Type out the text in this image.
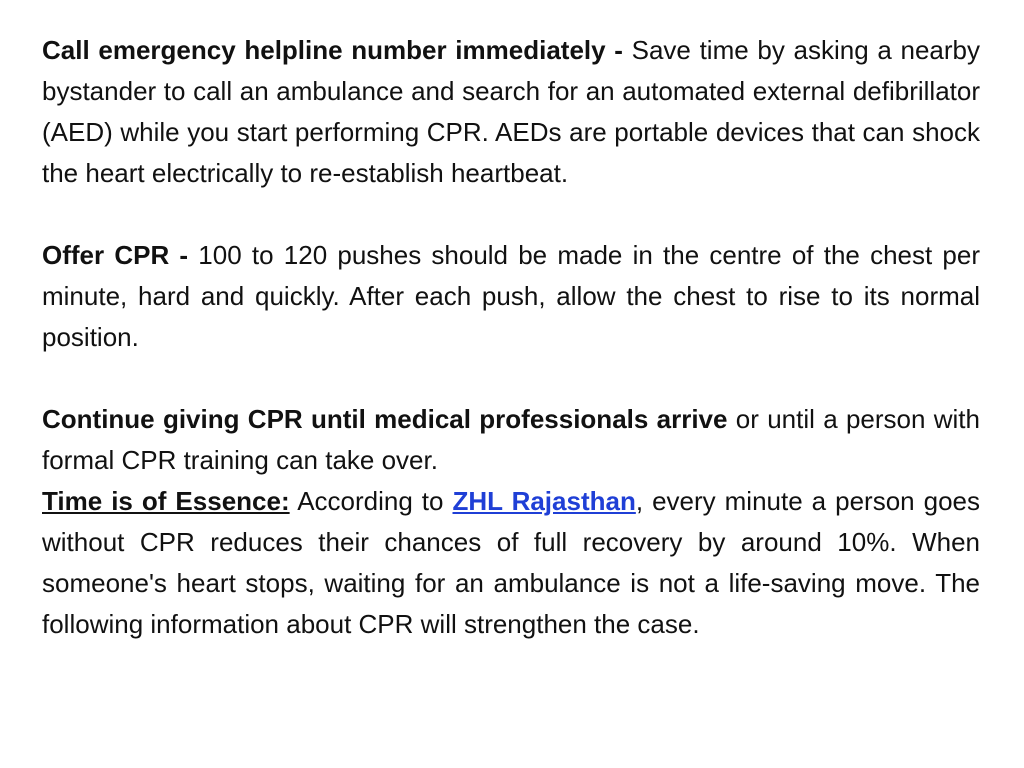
Call emergency helpline number immediately - Save time by asking a nearby bystander to call an ambulance and search for an automated external defibrillator (AED) while you start performing CPR. AEDs are portable devices that can shock the heart electrically to re-establish heartbeat.

Offer CPR - 100 to 120 pushes should be made in the centre of the chest per minute, hard and quickly. After each push, allow the chest to rise to its normal position.

Continue giving CPR until medical professionals arrive or until a person with formal CPR training can take over.

Time is of Essence: According to ZHL Rajasthan, every minute a person goes without CPR reduces their chances of full recovery by around 10%. When someone's heart stops, waiting for an ambulance is not a life-saving move. The following information about CPR will strengthen the case.
